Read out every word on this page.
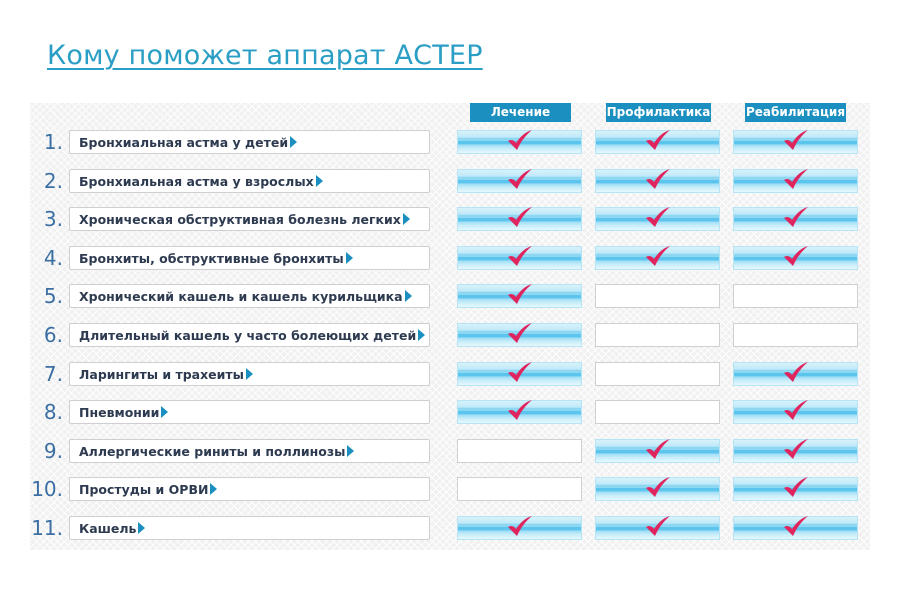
Кому поможет аппарат АСТЕР
Лечение	Профилактика	Реабилитация
1. Бронхиальная астма у детей
2. Бронхиальная астма у взрослых
3. Хроническая обструктивная болезнь легких
4. Бронхиты, обструктивные бронхиты
5. Хронический кашель и кашель курильщика
6. Длительный кашель у часто болеющих детей
7. Ларингиты и трахеиты
8. Пневмонии
9. Аллергические риниты и поллинозы
10. Простуды и ОРВИ
11. Кашель
